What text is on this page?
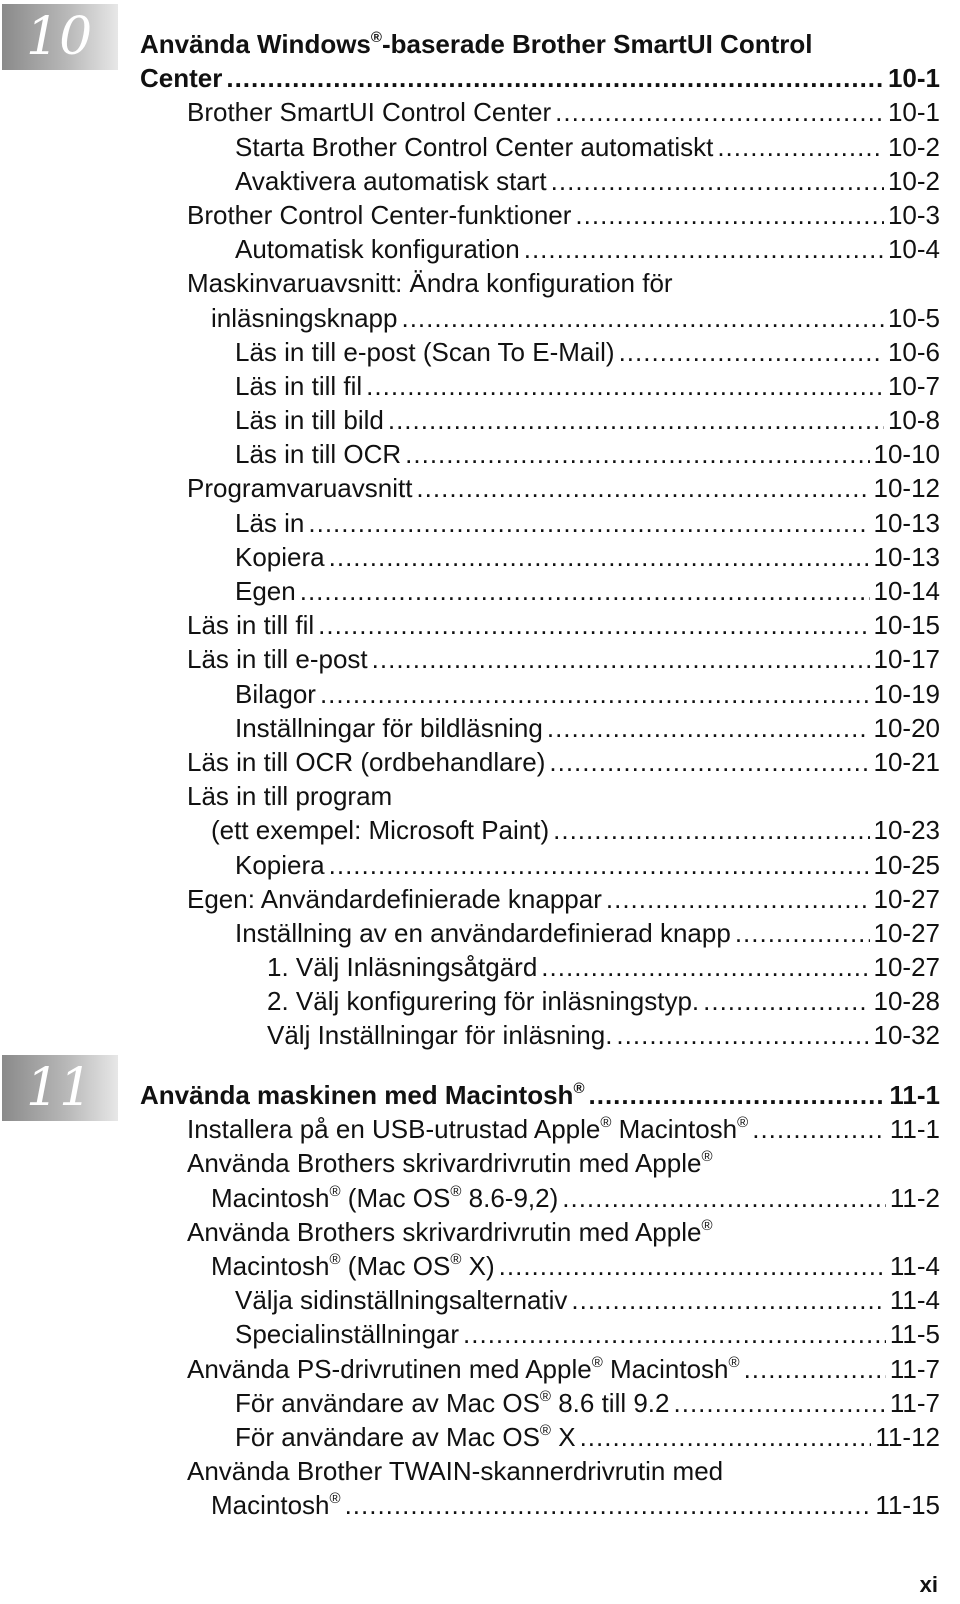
10 Använda Windows®-baserade Brother SmartUI Control
Center .....	10-1
Brother SmartUI Control Center .....	10-1
Starta Brother Control Center automatiskt .....	10-2
Avaktivera automatisk start .....	10-2
Brother Control Center-funktioner .....	10-3
Automatisk konfiguration .....	10-4
Maskinvaruavsnitt: Ändra konfiguration för
inläsningsknapp .....	10-5
Läs in till e-post (Scan To E-Mail) .....	10-6
Läs in till fil .....	10-7
Läs in till bild .....	10-8
Läs in till OCR .....	10-10
Programvaruavsnitt .....	10-12
Läs in .....	10-13
Kopiera .....	10-13
Egen .....	10-14
Läs in till fil .....	10-15
Läs in till e-post .....	10-17
Bilagor .....	10-19
Inställningar för bildläsning .....	10-20
Läs in till OCR (ordbehandlare) .....	10-21
Läs in till program
(ett exempel: Microsoft Paint) .....	10-23
Kopiera .....	10-25
Egen: Användardefinierade knappar .....	10-27
Inställning av en användardefinierad knapp .....	10-27
1. Välj Inläsningsåtgärd .....	10-27
2. Välj konfigurering för inläsningstyp. .....	10-28
Välj Inställningar för inläsning. .....	10-32
11 Använda maskinen med Macintosh® .....	11-1
Installera på en USB-utrustad Apple® Macintosh® .....	11-1
Använda Brothers skrivardrivrutin med Apple®
Macintosh® (Mac OS® 8.6-9,2) .....	11-2
Använda Brothers skrivardrivrutin med Apple®
Macintosh® (Mac OS® X) .....	11-4
Välja sidinställningsalternativ .....	11-4
Specialinställningar .....	11-5
Använda PS-drivrutinen med Apple® Macintosh® .....	11-7
För användare av Mac OS® 8.6 till 9.2 .....	11-7
För användare av Mac OS® X .....	11-12
Använda Brother TWAIN-skannerdrivrutin med
Macintosh® .....	11-15
xi
